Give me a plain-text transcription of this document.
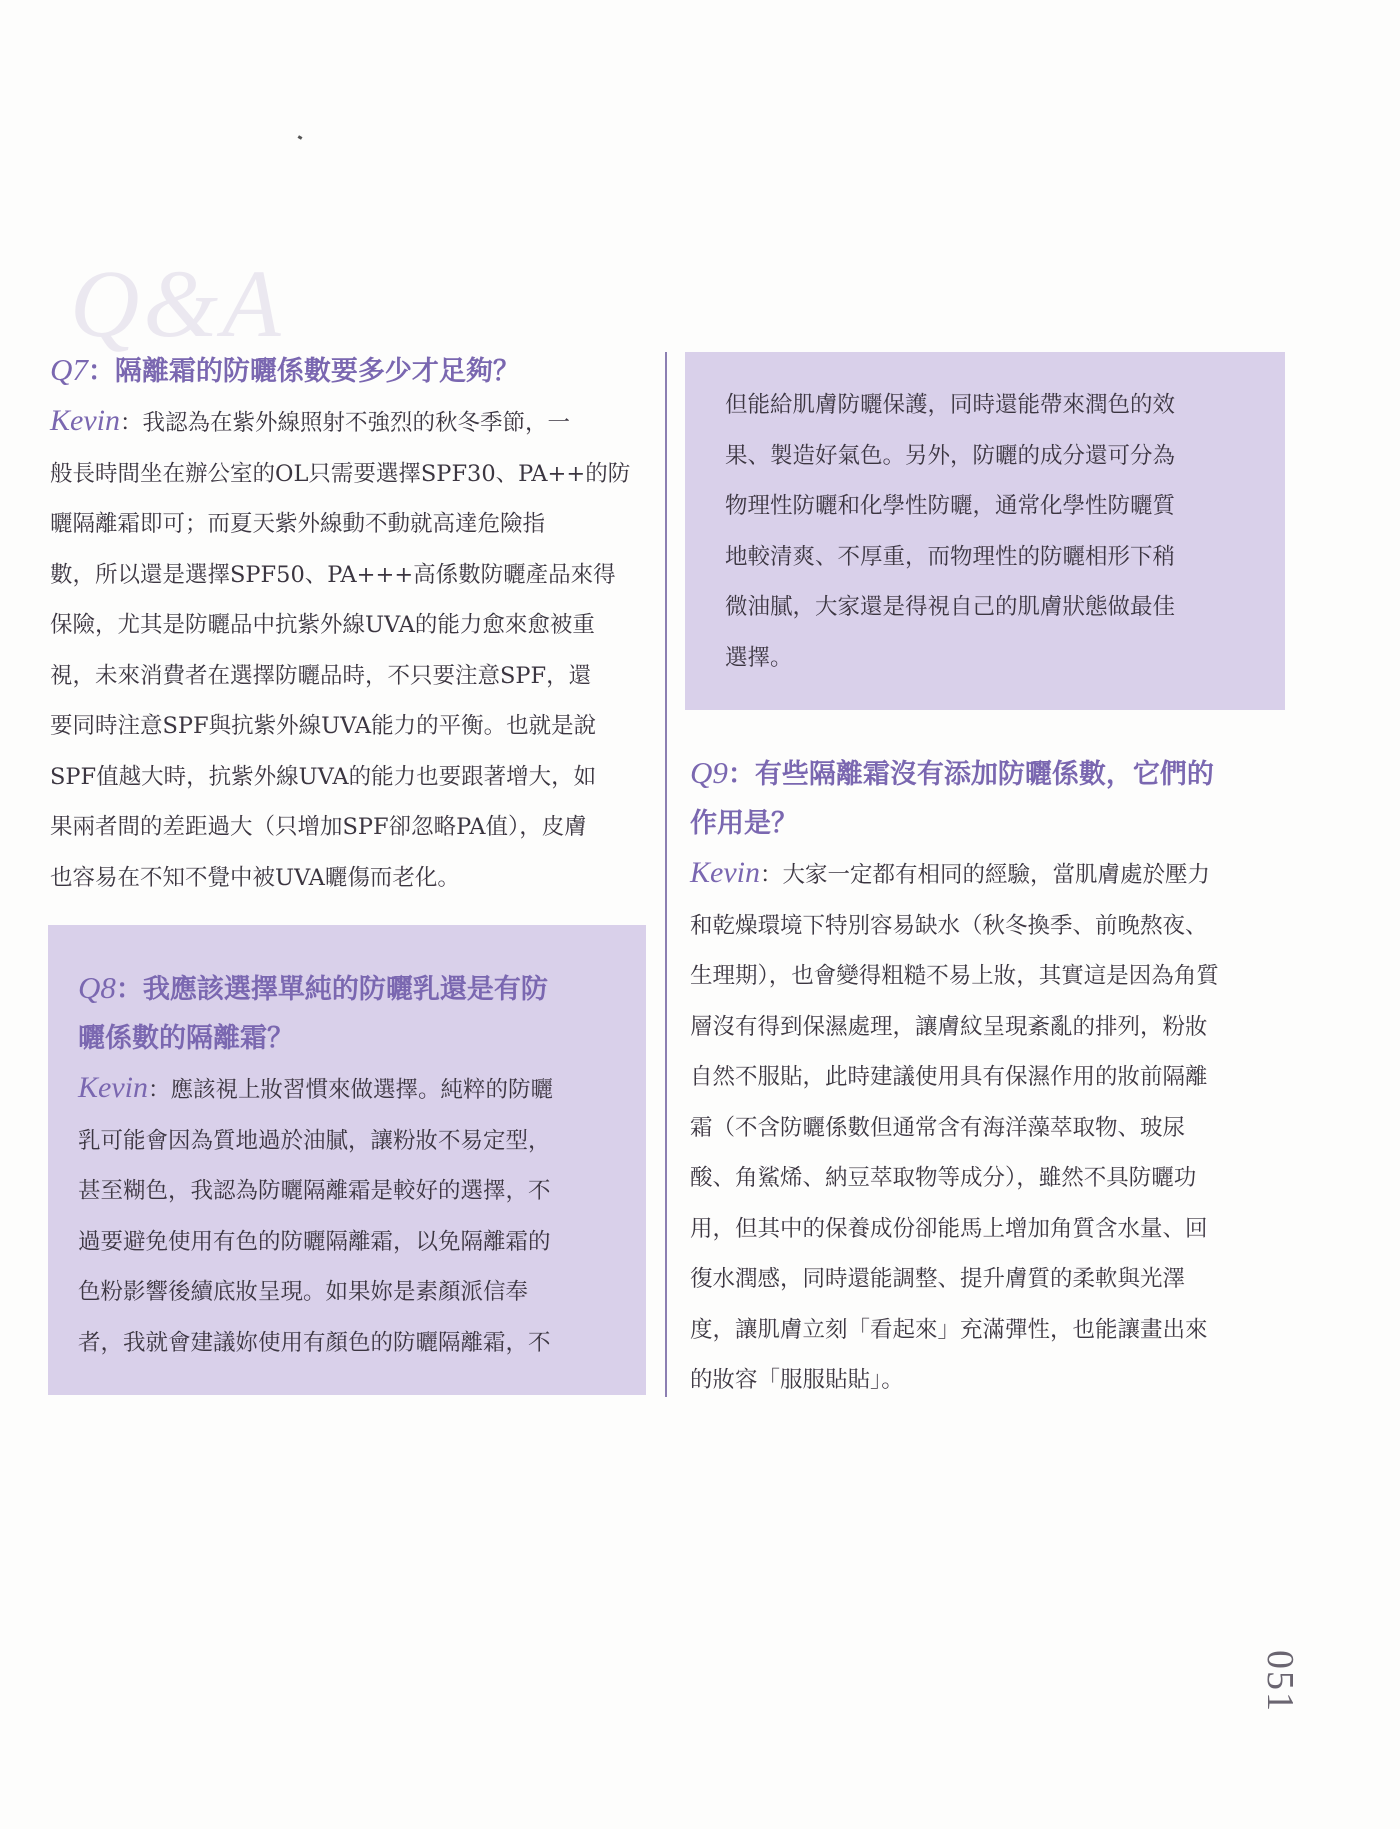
Q&A

Q7：隔離霜的防曬係數要多少才足夠？

Kevin：我認為在紫外線照射不強烈的秋冬季節，一
般長時間坐在辦公室的OL只需要選擇SPF30、PA++的防
曬隔離霜即可；而夏天紫外線動不動就高達危險指
數，所以還是選擇SPF50、PA+++高係數防曬產品來得
保險，尤其是防曬品中抗紫外線UVA的能力愈來愈被重
視，未來消費者在選擇防曬品時，不只要注意SPF，還
要同時注意SPF與抗紫外線UVA能力的平衡。也就是說
SPF值越大時，抗紫外線UVA的能力也要跟著增大，如
果兩者間的差距過大（只增加SPF卻忽略PA值），皮膚
也容易在不知不覺中被UVA曬傷而老化。

Q8：我應該選擇單純的防曬乳還是有防
曬係數的隔離霜？

Kevin：應該視上妝習慣來做選擇。純粹的防曬
乳可能會因為質地過於油膩，讓粉妝不易定型，
甚至糊色，我認為防曬隔離霜是較好的選擇，不
過要避免使用有色的防曬隔離霜，以免隔離霜的
色粉影響後續底妝呈現。如果妳是素顏派信奉
者，我就會建議妳使用有顏色的防曬隔離霜，不

但能給肌膚防曬保護，同時還能帶來潤色的效
果、製造好氣色。另外，防曬的成分還可分為
物理性防曬和化學性防曬，通常化學性防曬質
地較清爽、不厚重，而物理性的防曬相形下稍
微油膩，大家還是得視自己的肌膚狀態做最佳
選擇。

Q9：有些隔離霜沒有添加防曬係數，它們的
作用是？

Kevin：大家一定都有相同的經驗，當肌膚處於壓力
和乾燥環境下特別容易缺水（秋冬換季、前晚熬夜、
生理期），也會變得粗糙不易上妝，其實這是因為角質
層沒有得到保濕處理，讓膚紋呈現紊亂的排列，粉妝
自然不服貼，此時建議使用具有保濕作用的妝前隔離
霜（不含防曬係數但通常含有海洋藻萃取物、玻尿
酸、角鯊烯、納豆萃取物等成分），雖然不具防曬功
用，但其中的保養成份卻能馬上增加角質含水量、回
復水潤感，同時還能調整、提升膚質的柔軟與光澤
度，讓肌膚立刻「看起來」充滿彈性，也能讓畫出來
的妝容「服服貼貼」。

051
